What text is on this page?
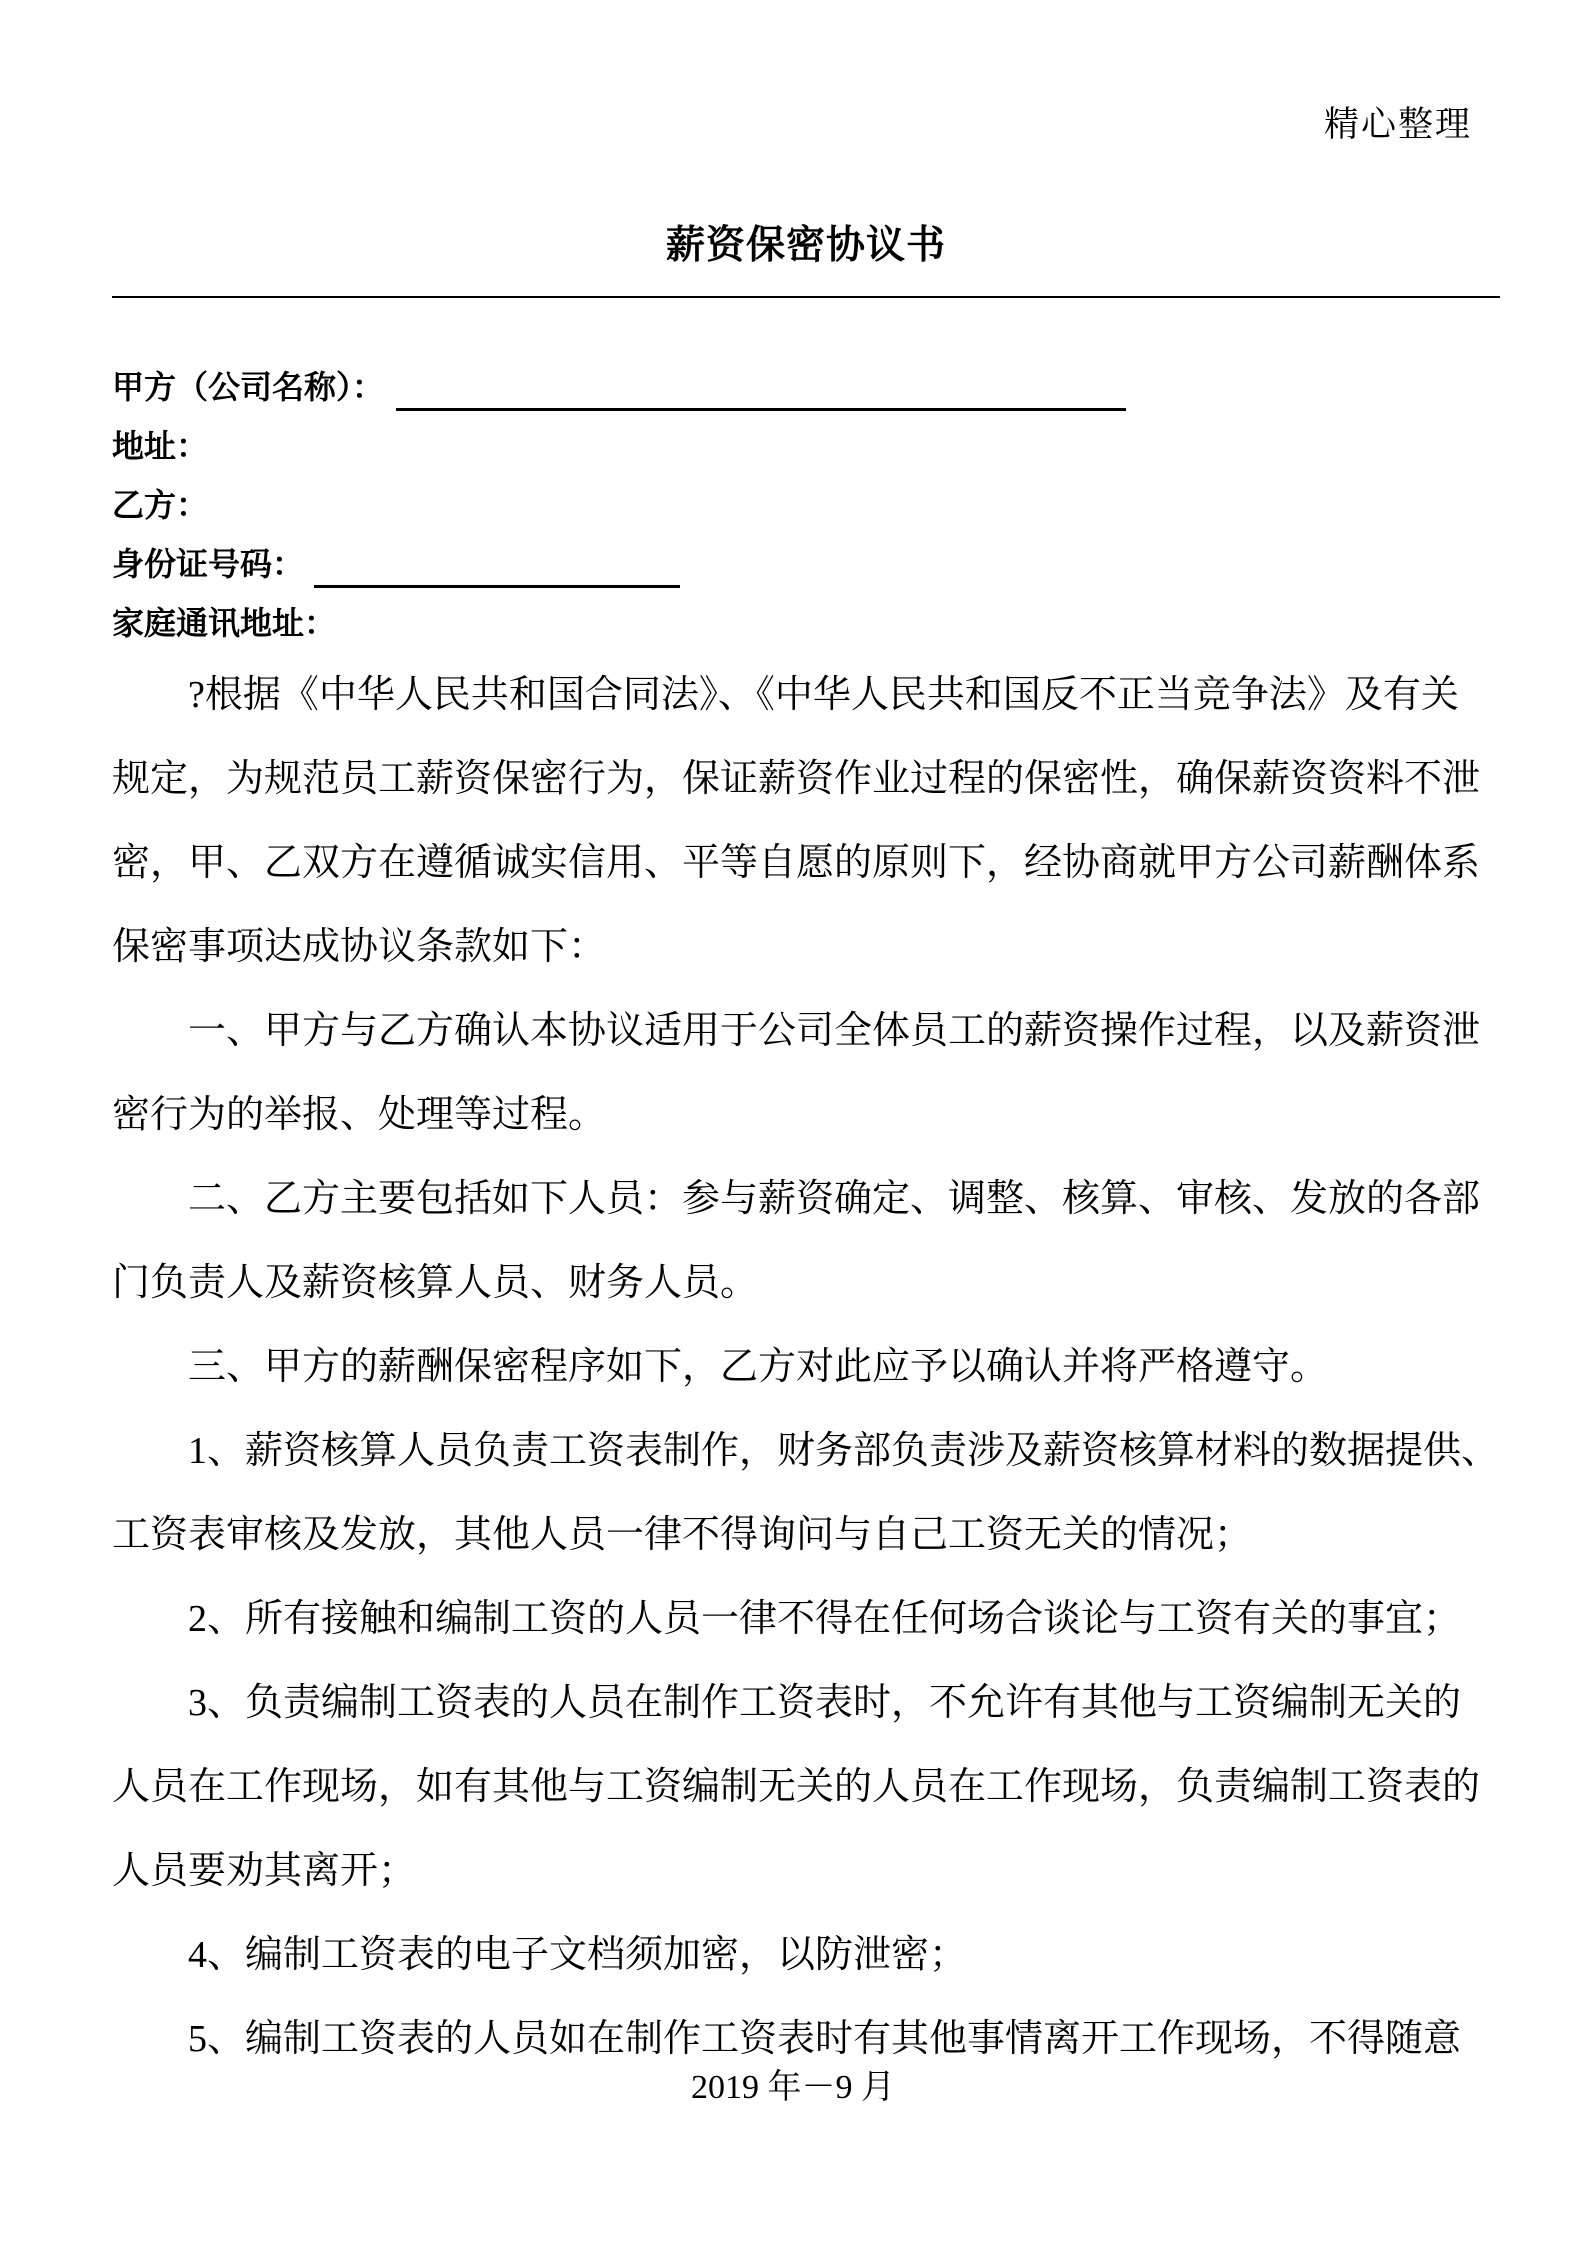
精心整理
薪资保密协议书
甲方（公司名称）：
地址：
乙方：
身份证号码：
家庭通讯地址：
?根据《中华人民共和国合同法》、《中华人民共和国反不正当竞争法》及有关
规定，为规范员工薪资保密行为，保证薪资作业过程的保密性，确保薪资资料不泄
密，甲、乙双方在遵循诚实信用、平等自愿的原则下，经协商就甲方公司薪酬体系
保密事项达成协议条款如下：
一、甲方与乙方确认本协议适用于公司全体员工的薪资操作过程，以及薪资泄
密行为的举报、处理等过程。
二、乙方主要包括如下人员：参与薪资确定、调整、核算、审核、发放的各部
门负责人及薪资核算人员、财务人员。
三、甲方的薪酬保密程序如下，乙方对此应予以确认并将严格遵守。
1、薪资核算人员负责工资表制作，财务部负责涉及薪资核算材料的数据提供、
工资表审核及发放，其他人员一律不得询问与自己工资无关的情况；
2、所有接触和编制工资的人员一律不得在任何场合谈论与工资有关的事宜；
3、负责编制工资表的人员在制作工资表时，不允许有其他与工资编制无关的
人员在工作现场，如有其他与工资编制无关的人员在工作现场，负责编制工资表的
人员要劝其离开；
4、编制工资表的电子文档须加密，以防泄密；
5、编制工资表的人员如在制作工资表时有其他事情离开工作现场，不得随意
2019 年－9 月
